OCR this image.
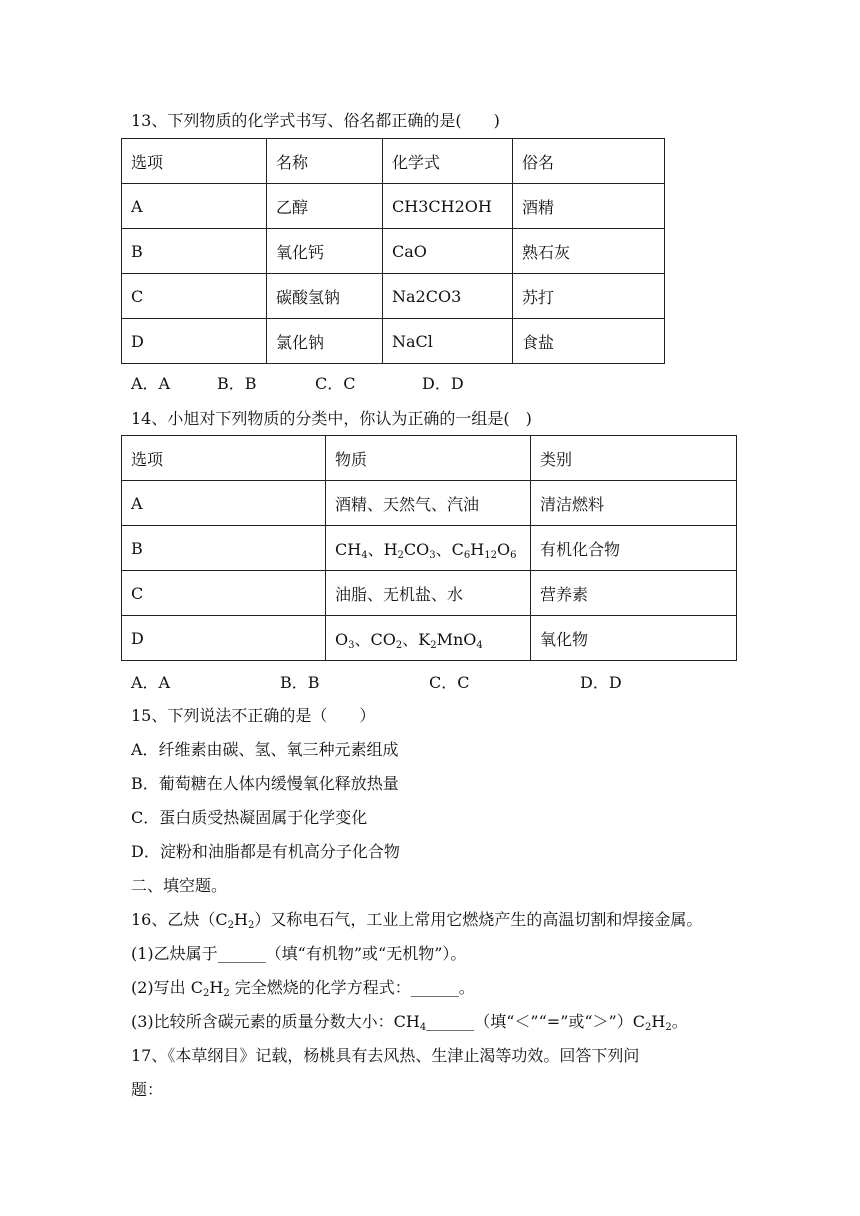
13、下列物质的化学式书写、俗名都正确的是(　　)
选项	名称	化学式	俗名
A	乙醇	CH3CH2OH	酒精
B	氧化钙	CaO	熟石灰
C	碳酸氢钠	Na2CO3	苏打
D	氯化钠	NaCl	食盐
A．A	B．B	C．C	D．D
14、小旭对下列物质的分类中，你认为正确的一组是(　)
选项	物质	类别
A	酒精、天然气、汽油	清洁燃料
B	$CH_4$、$H_2CO_3$、$C_6H_{12}O_6$	有机化合物
C	油脂、无机盐、水	营养素
D	$O_3$、$CO_2$、$K_2MnO_4$	氧化物
A．A	B．B	C．C	D．D
15、下列说法不正确的是（　　）
A．纤维素由碳、氢、氧三种元素组成
B．葡萄糖在人体内缓慢氧化释放热量
C．蛋白质受热凝固属于化学变化
D．淀粉和油脂都是有机高分子化合物
二、填空题。
16、乙炔$(C_2H_2)$又称电石气，工业上常用它燃烧产生的高温切割和焊接金属。
(1)乙炔属于______（填“有机物”或“无机物”）。
(2)写出 $C_2H_2$ 完全燃烧的化学方程式：______。
(3)比较所含碳元素的质量分数大小：$CH_4\_\_\_\_\_\_$（填“＜”“=”或“$>”)C_2H_2$。
17、《本草纲目》记载，杨桃具有去风热、生津止渴等功效。回答下列问
题：
